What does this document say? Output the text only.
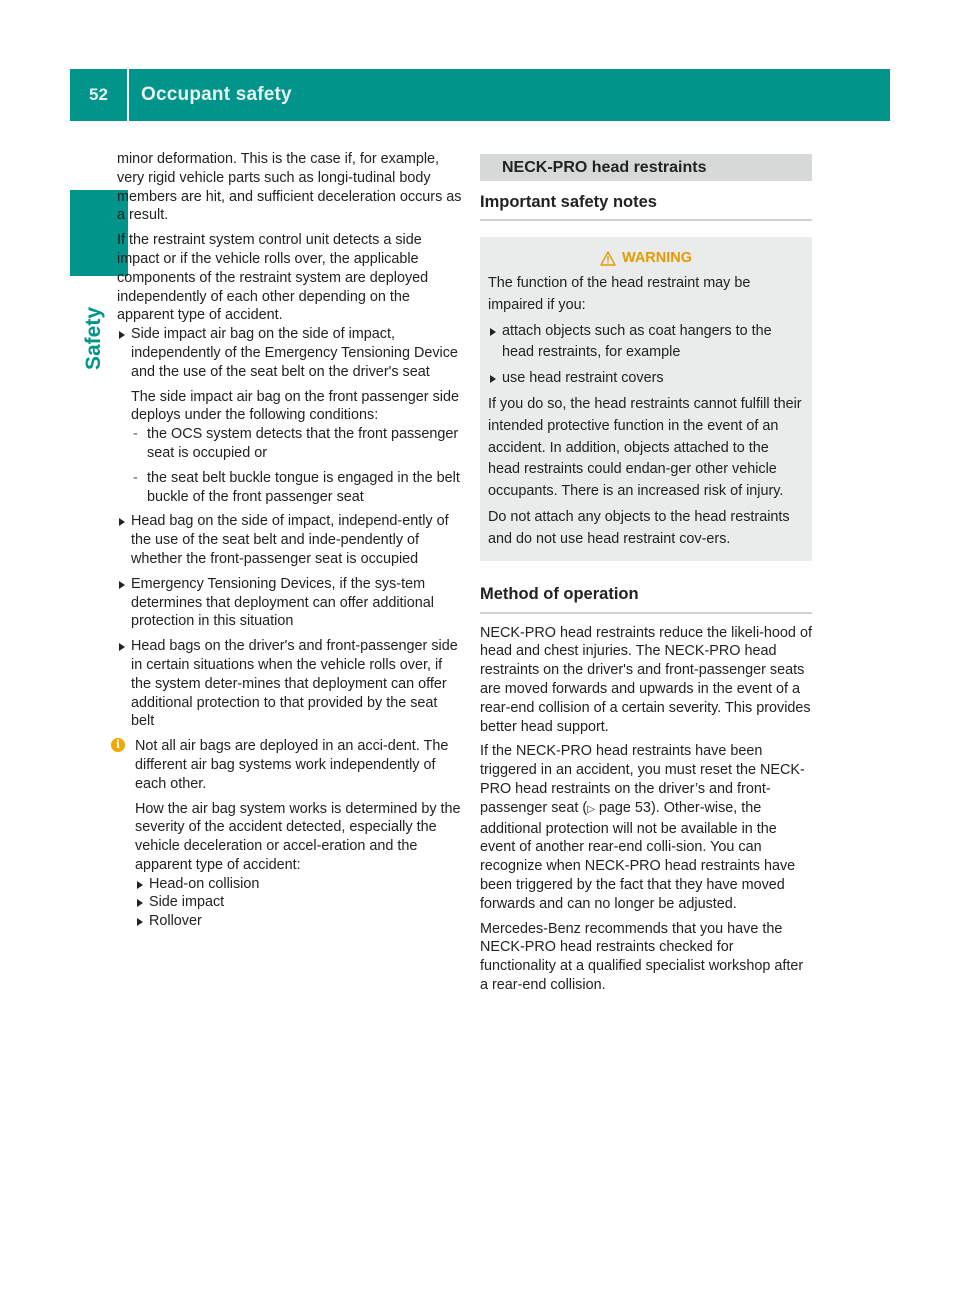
52	Occupant safety
Safety

minor deformation. This is the case if, for example, very rigid vehicle parts such as longi-tudinal body members are hit, and sufficient deceleration occurs as a result.

If the restraint system control unit detects a side impact or if the vehicle rolls over, the applicable components of the restraint system are deployed independently of each other depending on the apparent type of accident.

Side impact air bag on the side of impact, independently of the Emergency Tensioning Device and the use of the seat belt on the driver's seat

The side impact air bag on the front passenger side deploys under the following conditions:

- the OCS system detects that the front passenger seat is occupied or
- the seat belt buckle tongue is engaged in the belt buckle of the front passenger seat
Head bag on the side of impact, independ-ently of the use of the seat belt and inde-pendently of whether the front-passenger seat is occupied
Emergency Tensioning Devices, if the sys-tem determines that deployment can offer additional protection in this situation
Head bags on the driver's and front-passenger side in certain situations when the vehicle rolls over, if the system deter-mines that deployment can offer additional protection to that provided by the seat belt
i	Not all air bags are deployed in an acci-dent. The different air bag systems work independently of each other.

How the air bag system works is determined by the severity of the accident detected, especially the vehicle deceleration or accel-eration and the apparent type of accident:

Head-on collision
Side impact
Rollover
NECK-PRO head restraints
Important safety notes
WARNING

The function of the head restraint may be impaired if you:

attach objects such as coat hangers to the head restraints, for example
use head restraint covers

If you do so, the head restraints cannot fulfill their intended protective function in the event of an accident. In addition, objects attached to the head restraints could endan-ger other vehicle occupants. There is an increased risk of injury.

Do not attach any objects to the head restraints and do not use head restraint cov-ers.

Method of operation

NECK-PRO head restraints reduce the likeli-hood of head and chest injuries. The NECK-PRO head restraints on the driver's and front-passenger seats are moved forwards and upwards in the event of a rear-end collision of a certain severity. This provides better head support.

If the NECK-PRO head restraints have been triggered in an accident, you must reset the NECK-PRO head restraints on the driver’s and front-passenger seat (▷ page 53). Other-wise, the additional protection will not be available in the event of another rear-end colli-sion. You can recognize when NECK-PRO head restraints have been triggered by the fact that they have moved forwards and can no longer be adjusted.

Mercedes-Benz recommends that you have the NECK-PRO head restraints checked for functionality at a qualified specialist workshop after a rear-end collision.
